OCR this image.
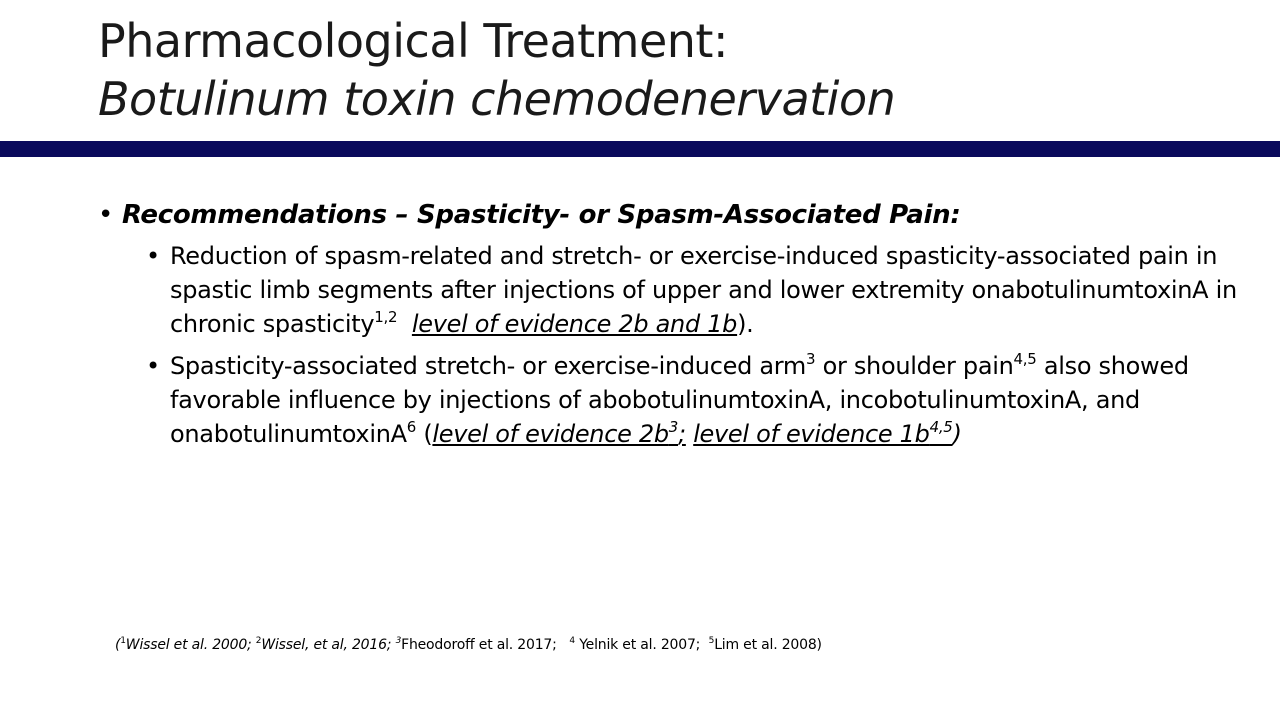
Pharmacological Treatment:
Botulinum toxin chemodenervation
• Recommendations – Spasticity- or Spasm-Associated Pain:
• Reduction of spasm-related and stretch- or exercise-induced spasticity-associated pain in spastic limb segments after injections of upper and lower extremity onabotulinumtoxinA in chronic spasticity$^{1,2}$ level of evidence 2b and 1b).
• Spasticity-associated stretch- or exercise-induced arm$^3$ or shoulder pain$^{4,5}$ also showed favorable influence by injections of abobotulinumtoxinA, incobotulinumtoxinA, and onabotulinumtoxinA$^6$ (level of evidence $2b^3$; level of evidence $1b^{4,5}$)
($^1$Wissel et al. 2000; $^2$Wissel, et al, 2016; $^3$Fheodoroff et al. 2017;   $^4$ Yelnik et al. 2007;  $^5$Lim et al. 2008)
